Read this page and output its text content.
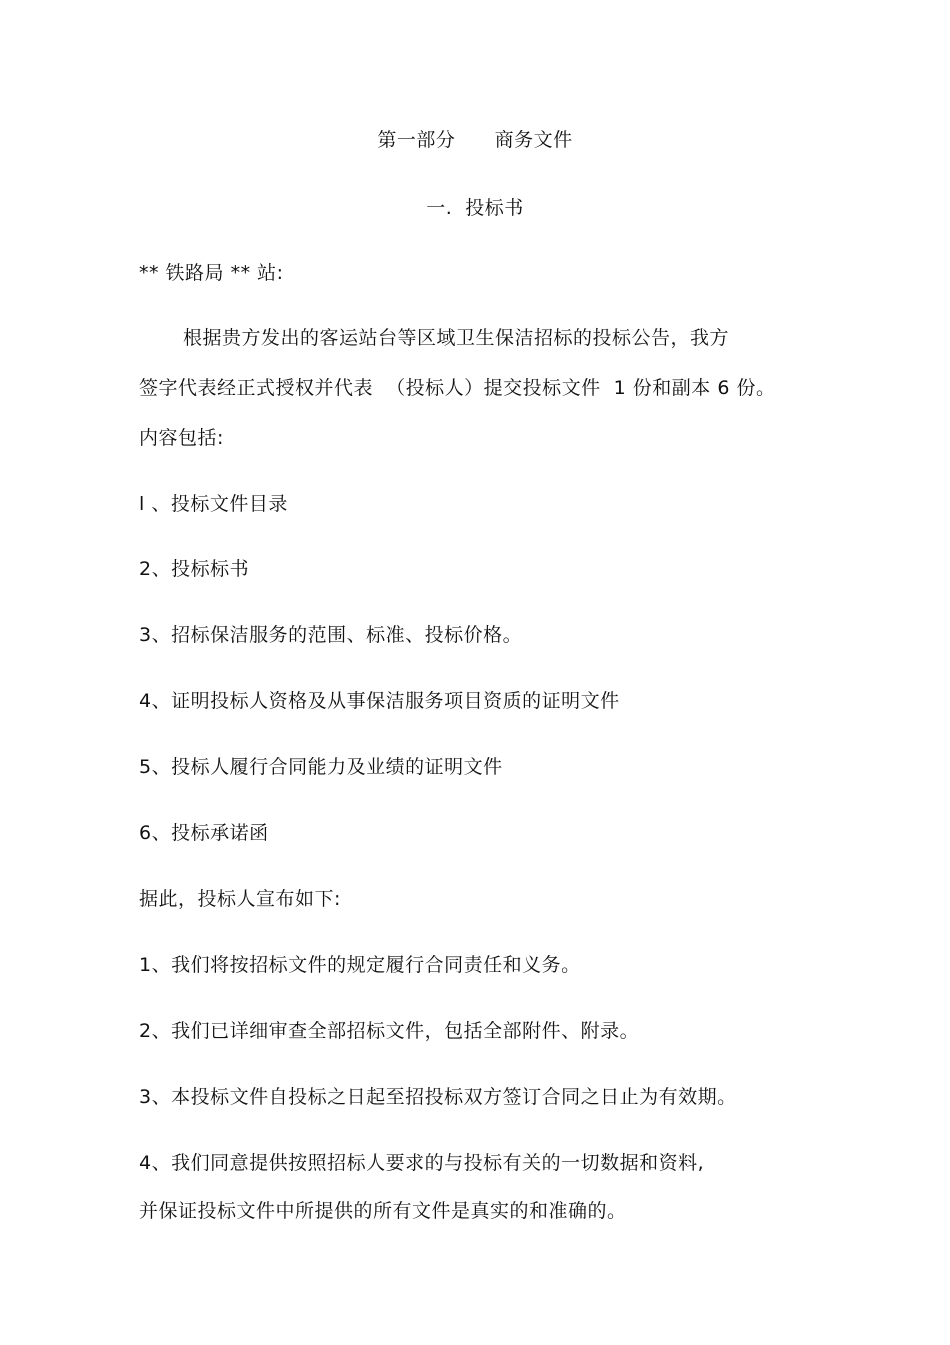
第一部分      商务文件
一.  投标书
** 铁路局 ** 站:
根据贵方发出的客运站台等区域卫生保洁招标的投标公告，我方
签字代表经正式授权并代表  （投标人）提交投标文件  1 份和副本 6 份。
内容包括:
l 、投标文件目录
2、投标标书
3、招标保洁服务的范围、标准、投标价格。
4、证明投标人资格及从事保洁服务项目资质的证明文件
5、投标人履行合同能力及业绩的证明文件
6、投标承诺函
据此，投标人宣布如下:
1、我们将按招标文件的规定履行合同责任和义务。
2、我们已详细审查全部招标文件，包括全部附件、附录。
3、本投标文件自投标之日起至招投标双方签订合同之日止为有效期。
4、我们同意提供按照招标人要求的与投标有关的一切数据和资料,
并保证投标文件中所提供的所有文件是真实的和准确的。
